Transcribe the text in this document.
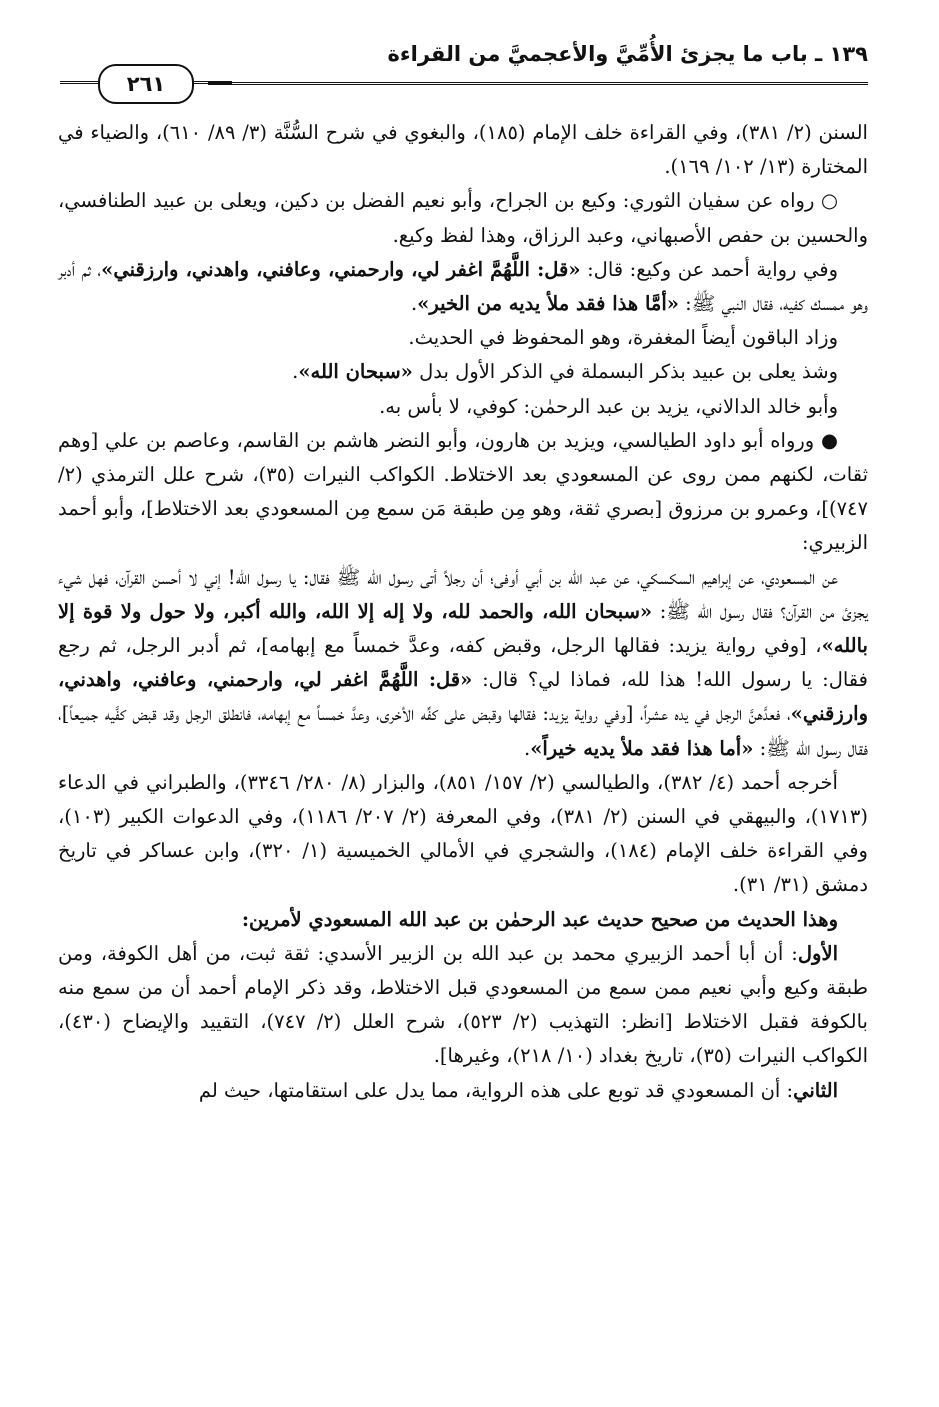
١٣٩ ـ باب ما يجزئ الأُمِّيَّ والأعجميَّ من القراءة
٢٦١

السنن (٢/ ٣٨١)، وفي القراءة خلف الإمام (١٨٥)، والبغوي في شرح السُّنَّة (٣/ ٨٩/ ٦١٠)، والضياء في المختارة (١٣/ ١٠٢/ ١٦٩).

○ رواه عن سفيان الثوري: وكيع بن الجراح، وأبو نعيم الفضل بن دكين، ويعلى بن عبيد الطنافسي، والحسين بن حفص الأصبهاني، وعبد الرزاق، وهذا لفظ وكيع.

وفي رواية أحمد عن وكيع: قال: «قل: اللَّهُمَّ اغفر لي، وارحمني، وعافني، واهدني، وارزقني»، ثم أدبر وهو ممسك كفيه، فقال النبي ﷺ: «أمَّا هذا فقد ملأ يديه من الخير».

وزاد الباقون أيضاً المغفرة، وهو المحفوظ في الحديث.

وشذ يعلى بن عبيد بذكر البسملة في الذكر الأول بدل «سبحان الله».

وأبو خالد الدالاني، يزيد بن عبد الرحمٰن: كوفي، لا بأس به.

● ورواه أبو داود الطيالسي، ويزيد بن هارون، وأبو النضر هاشم بن القاسم، وعاصم بن علي [وهم ثقات، لكنهم ممن روى عن المسعودي بعد الاختلاط. الكواكب النيرات (٣٥)، شرح علل الترمذي (٢/ ٧٤٧)]، وعمرو بن مرزوق [بصري ثقة، وهو مِن طبقة مَن سمع مِن المسعودي بعد الاختلاط]، وأبو أحمد الزبيري:

عن المسعودي، عن إبراهيم السكسكي، عن عبد الله بن أبي أوفى؛ أن رجلاً أتى رسول الله ﷺ فقال: يا رسول الله! إني لا أحسن القرآن، فهل شيء يجزئ من القرآن؟ فقال رسول الله ﷺ: «سبحان الله، والحمد لله، ولا إله إلا الله، والله أكبر، ولا حول ولا قوة إلا بالله»، [وفي رواية يزيد: فقالها الرجل، وقبض كفه، وعدَّ خمساً مع إبهامه]، ثم أدبر الرجل، ثم رجع فقال: يا رسول الله! هذا لله، فماذا لي؟ قال: «قل: اللَّهُمَّ اغفر لي، وارحمني، وعافني، واهدني، وارزقني»، فعدَّهنَّ الرجل في يده عشراً، [وفي رواية يزيد: فقالها وقبض على كفِّه الأخرى، وعدَّ خمساً مع إبهامه، فانطلق الرجل وقد قبض كفَّيه جميعاً]، فقال رسول الله ﷺ: «أما هذا فقد ملأ يديه خيراً».

أخرجه أحمد (٤/ ٣٨٢)، والطيالسي (٢/ ١٥٧/ ٨٥١)، والبزار (٨/ ٢٨٠/ ٣٣٤٦)، والطبراني في الدعاء (١٧١٣)، والبيهقي في السنن (٢/ ٣٨١)، وفي المعرفة (٢/ ٢٠٧/ ١١٨٦)، وفي الدعوات الكبير (١٠٣)، وفي القراءة خلف الإمام (١٨٤)، والشجري في الأمالي الخميسية (١/ ٣٢٠)، وابن عساكر في تاريخ دمشق (٣١/ ٣١).

وهذا الحديث من صحيح حديث عبد الرحمٰن بن عبد الله المسعودي لأمرين:

الأول: أن أبا أحمد الزبيري محمد بن عبد الله بن الزبير الأسدي: ثقة ثبت، من أهل الكوفة، ومن طبقة وكيع وأبي نعيم ممن سمع من المسعودي قبل الاختلاط، وقد ذكر الإمام أحمد أن من سمع منه بالكوفة فقبل الاختلاط [انظر: التهذيب (٢/ ٥٢٣)، شرح العلل (٢/ ٧٤٧)، التقييد والإيضاح (٤٣٠)، الكواكب النيرات (٣٥)، تاريخ بغداد (١٠/ ٢١٨)، وغيرها].

الثاني: أن المسعودي قد توبع على هذه الرواية، مما يدل على استقامتها، حيث لم
